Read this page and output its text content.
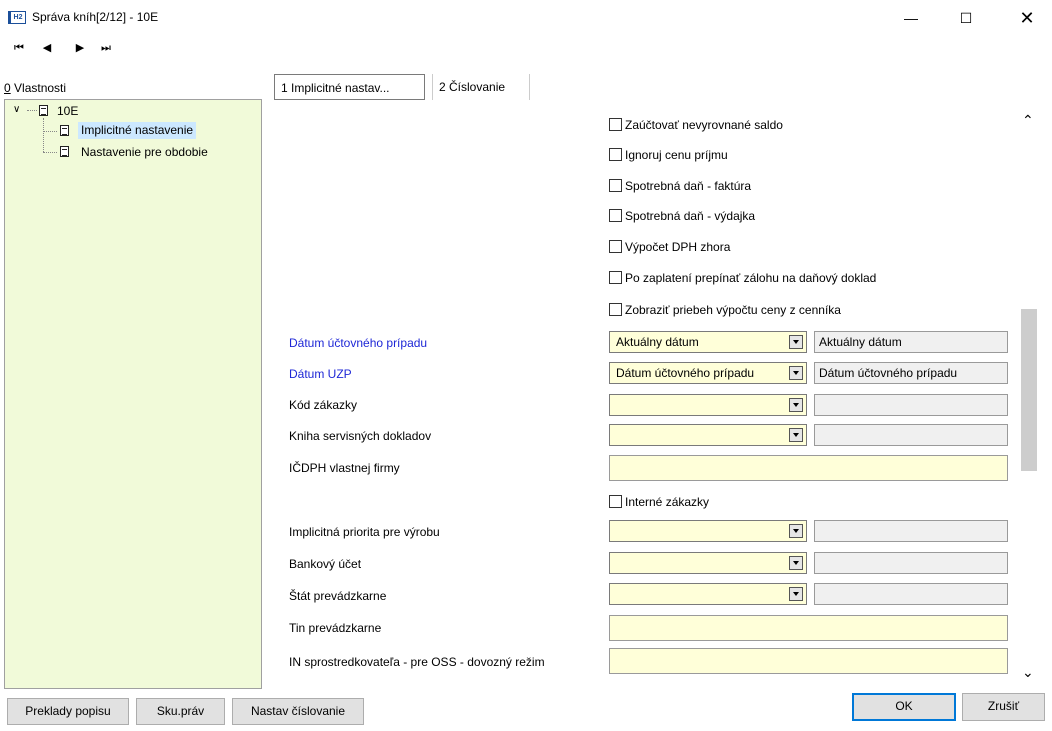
H2 Správa kníh[2/12] - 10E	—	☐	✕
⏮	◀	▶	⏭
0 Vlastnosti
∨	10E
Implicitné nastavenie
Nastavenie pre obdobie
1 Implicitné nastav...	2 Číslovanie
Zaúčtovať nevyrovnané saldo
Ignoruj cenu príjmu
Spotrebná daň - faktúra
Spotrebná daň - výdajka
Výpočet DPH zhora
Po zaplatení prepínať zálohu na daňový doklad
Zobraziť priebeh výpočtu ceny z cenníka
Dátum účtovného prípadu	Aktuálny dátum	Aktuálny dátum
Dátum UZP	Dátum účtovného prípadu	Dátum účtovného prípadu
Kód zákazky
Kniha servisných dokladov
IČDPH vlastnej firmy
Interné zákazky
Implicitná priorita pre výrobu
Bankový účet
Štát prevádzkarne
Tin prevádzkarne
IN sprostredkovateľa - pre OSS - dovozný režim
⌃
⌄
Preklady popisu	Sku.práv	Nastav číslovanie	OK	Zrušiť
